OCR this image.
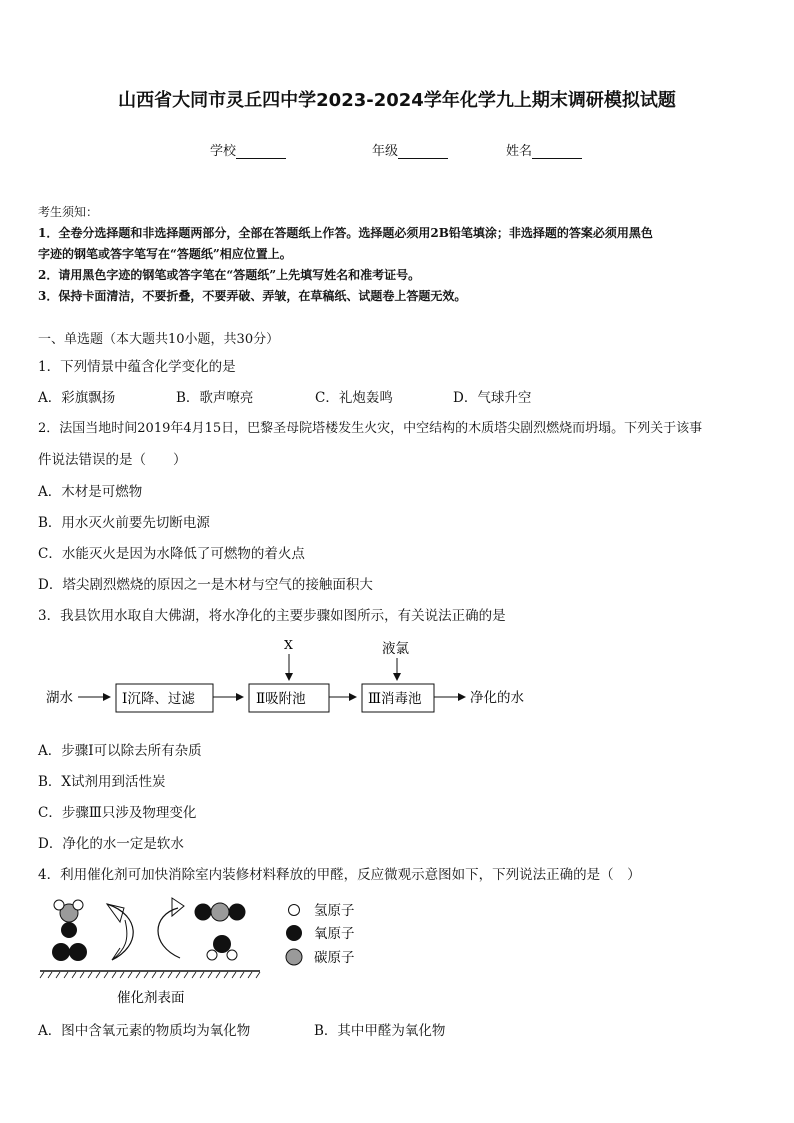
山西省大同市灵丘四中学2023-2024学年化学九上期末调研模拟试题
学校	年级	姓名
考生须知：
1．全卷分选择题和非选择题两部分，全部在答题纸上作答。选择题必须用2B铅笔填涂；非选择题的答案必须用黑色
字迹的钢笔或答字笔写在“答题纸”相应位置上。
2．请用黑色字迹的钢笔或答字笔在“答题纸”上先填写姓名和准考证号。
3．保持卡面清洁，不要折叠，不要弄破、弄皱，在草稿纸、试题卷上答题无效。
一、单选题（本大题共10小题，共30分）
1．下列情景中蕴含化学变化的是
A．彩旗飘扬	B．歌声嘹亮	C．礼炮轰鸣	D．气球升空
2．法国当地时间2019年4月15日，巴黎圣母院塔楼发生火灾，中空结构的木质塔尖剧烈燃烧而坍塌。下列关于该事
件说法错误的是（　　）
A．木材是可燃物
B．用水灭火前要先切断电源
C．水能灭火是因为水降低了可燃物的着火点
D．塔尖剧烈燃烧的原因之一是木材与空气的接触面积大
3．我县饮用水取自大佛湖，将水净化的主要步骤如图所示，有关说法正确的是
湖水	Ⅰ沉降、过滤	Ⅱ吸附池	Ⅲ消毒池	净化的水
X	液氯
A．步骤Ⅰ可以除去所有杂质
B．X试剂用到活性炭
C．步骤Ⅲ只涉及物理变化
D．净化的水一定是软水
4．利用催化剂可加快消除室内装修材料释放的甲醛，反应微观示意图如下，下列说法正确的是（　）
催化剂表面
氢原子
氧原子
碳原子
A．图中含氧元素的物质均为氧化物	B．其中甲醛为氧化物
